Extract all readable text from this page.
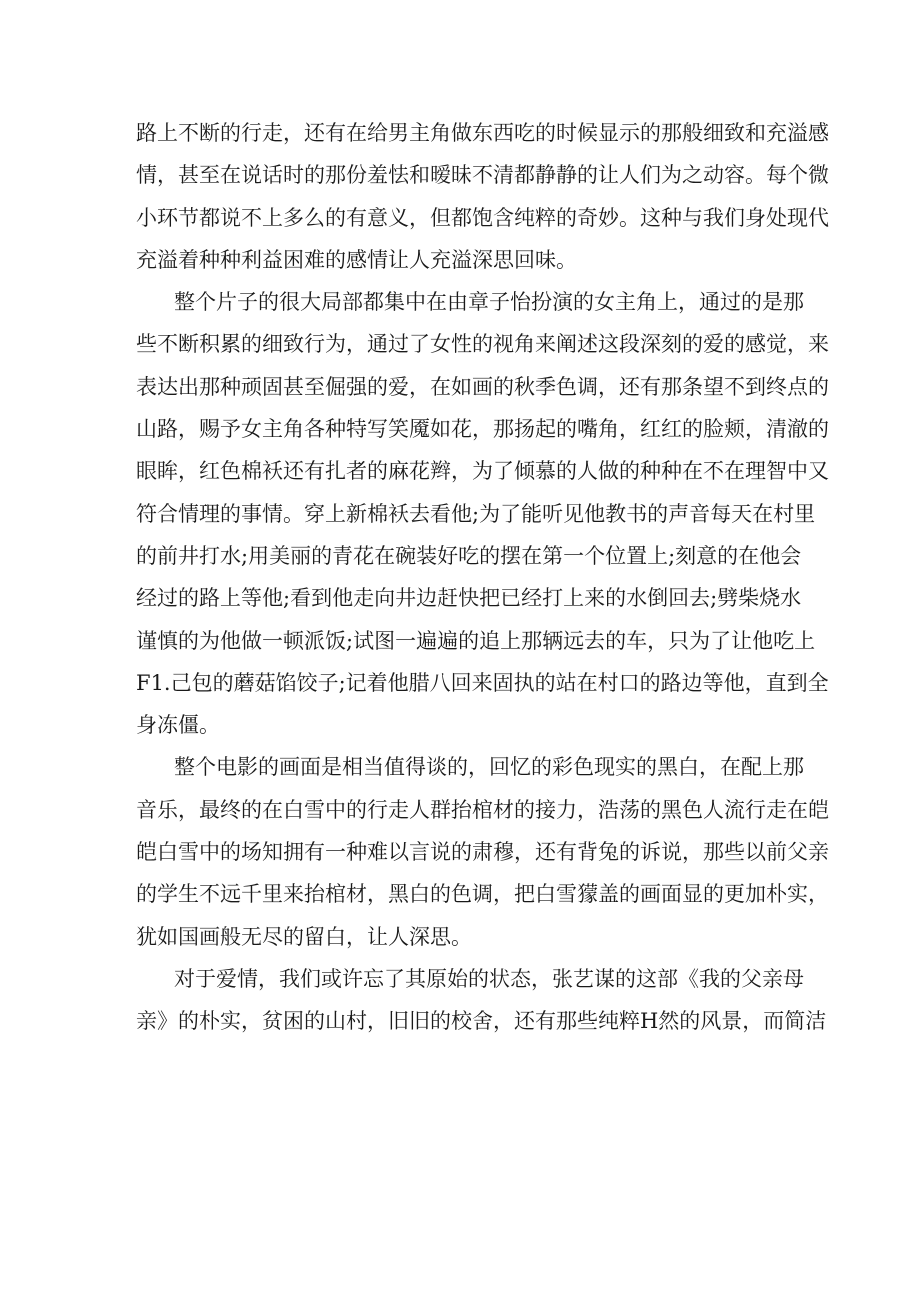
路上不断的行走，还有在给男主角做东西吃的时候显示的那般细致和充溢感
情，甚至在说话时的那份羞怯和暧昧不清都静静的让人们为之动容。每个微
小环节都说不上多么的有意义，但都饱含纯粹的奇妙。这种与我们身处现代
充溢着种种利益困难的感情让人充溢深思回味。
整个片子的很大局部都集中在由章子怡扮演的女主角上，通过的是那
些不断积累的细致行为，通过了女性的视角来阐述这段深刻的爱的感觉，来
表达出那种顽固甚至倔强的爱，在如画的秋季色调，还有那条望不到终点的
山路，赐予女主角各种特写笑魇如花，那扬起的嘴角，红红的脸颊，清澈的
眼眸，红色棉袄还有扎者的麻花辫，为了倾慕的人做的种种在不在理智中又
符合情理的事情。穿上新棉袄去看他;为了能听见他教书的声音每天在村里
的前井打水;用美丽的青花在碗装好吃的摆在第一个位置上;刻意的在他会
经过的路上等他;看到他走向井边赶快把已经打上来的水倒回去;劈柴烧水
谨慎的为他做一顿派饭;试图一遍遍的追上那辆远去的车，只为了让他吃上
F1.己包的蘑菇馅饺子;记着他腊八回来固执的站在村口的路边等他，直到全
身冻僵。
整个电影的画面是相当值得谈的，回忆的彩色现实的黑白，在配上那
音乐，最终的在白雪中的行走人群抬棺材的接力，浩荡的黑色人流行走在皑
皑白雪中的场知拥有一种难以言说的肃穆，还有背兔的诉说，那些以前父亲
的学生不远千里来抬棺材，黑白的色调，把白雪獴盖的画面显的更加朴实，
犹如国画般无尽的留白，让人深思。
对于爱情，我们或许忘了其原始的状态，张艺谋的这部《我的父亲母
亲》的朴实，贫困的山村，旧旧的校舍，还有那些纯粹H然的风景，而简洁
